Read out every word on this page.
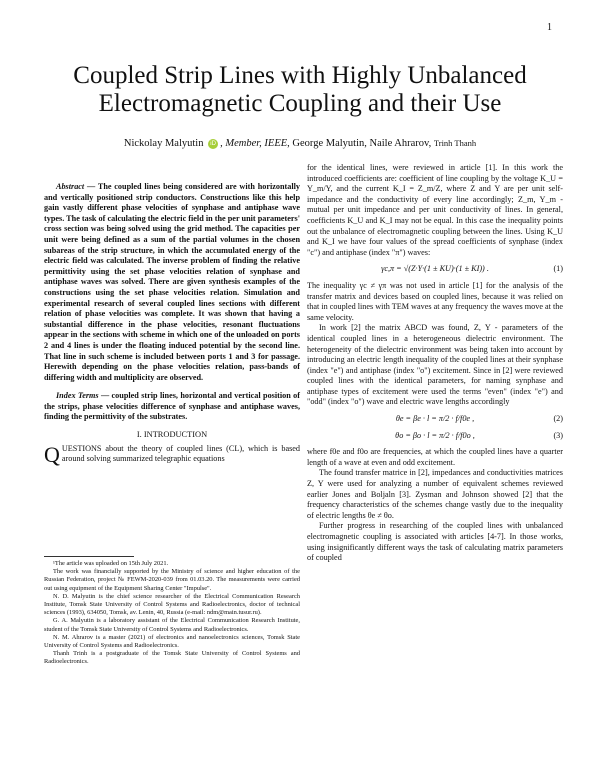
1
Coupled Strip Lines with Highly Unbalanced Electromagnetic Coupling and their Use
Nickolay Malyutin iD , Member, IEEE, George Malyutin, Naile Ahrarov, Trinh Thanh

Abstract — The coupled lines being considered are with horizontally and vertically positioned strip conductors. Constructions like this help gain vastly different phase velocities of synphase and antiphase wave types. The task of calculating the electric field in the per unit parameters' cross section was being solved using the grid method. The capacities per unit were being defined as a sum of the partial volumes in the chosen subareas of the strip structure, in which the accumulated energy of the electric field was calculated. The inverse problem of finding the relative permittivity using the set phase velocities relation of synphase and antiphase waves was solved. There are given synthesis examples of the constructions using the set phase velocities relation. Simulation and experimental research of several coupled lines sections with different relation of phase velocities was complete. It was shown that having a substantial difference in the phase velocities, resonant fluctuations appear in the sections with scheme in which one of the unloaded on ports 2 and 4 lines is under the floating induced potential by the second line. That line in such scheme is included between ports 1 and 3 for passage. Herewith depending on the phase velocities relation, pass-bands of differing width and multiplicity are observed.

Index Terms — coupled strip lines, horizontal and vertical position of the strips, phase velocities difference of synphase and antiphase waves, finding the permittivity of the substrates.

I. INTRODUCTION

QUESTIONS about the theory of coupled lines (CL), which is based around solving summarized telegraphic equations

¹The article was uploaded on 15th July 2021.

The work was financially supported by the Ministry of science and higher education of the Russian Federation, project № FEWM-2020-039 from 01.03.20. The measurements were carried out using equipment of the Equipment Sharing Center "Impulse".

N. D. Malyutin is the chief science researcher of the Electrical Communication Research Institute, Tomsk State University of Control Systems and Radioelectronics, doctor of technical sciences (1993), 634050, Tomsk, av. Lenin, 40, Russia (e-mail: ndm@main.tusur.ru).

G. A. Malyutin is a laboratory assistant of the Electrical Communication Research Institute, student of the Tomsk State University of Control Systems and Radioelectronics.

N. M. Ahrarov is a master (2021) of electronics and nanoelectronics sciences, Tomsk State University of Control Systems and Radioelectronics.

Thanh Trinh is a postgraduate of the Tomsk State University of Control Systems and Radioelectronics.

for the identical lines, were reviewed in article [1]. In this work the introduced coefficients are: coefficient of line coupling by the voltage K_U = Y_m/Y, and the current K_I = Z_m/Z, where Z and Y are per unit self-impedance and the conductivity of every line accordingly; Z_m, Y_m - mutual per unit impedance and per unit conductivity of lines. In general, coefficients K_U and K_I may not be equal. In this case the inequality points out the unbalance of electromagnetic coupling between the lines. Using K_U and K_I we have four values of the spread coefficients of synphase (index "c") and antiphase (index "π") waves:

γc,π = √(Z·Y·(1 ± KU)·(1 ± KI)) .	(1)

The inequality γc ≠ γπ was not used in article [1] for the analysis of the transfer matrix and devices based on coupled lines, because it was relied on that in coupled lines with TEM waves at any frequency the waves move at the same velocity.

In work [2] the matrix ABCD was found, Z, Y - parameters of the identical coupled lines in a heterogeneous dielectric environment. The heterogeneity of the dielectric environment was being taken into account by introducing an electric length inequality of the coupled lines at their synphase (index "e") and antiphase (index "o") excitement. Since in [2] were reviewed coupled lines with the identical parameters, for naming synphase and antiphase types of excitement were used the terms "even" (index "e") and "odd" (index "o") wave and electric wave lengths accordingly

θe = βe · l = π/2 · f/f0e ,	(2)
θo = βo · l = π/2 · f/f0o ,	(3)

where f0e and f0o are frequencies, at which the coupled lines have a quarter length of a wave at even and odd excitement.

The found transfer matrice in [2], impedances and conductivities matrices Z, Y were used for analyzing a number of equivalent schemes reviewed earlier Jones and Boljaln [3]. Zysman and Johnson showed [2] that the frequency characteristics of the schemes change vastly due to the inequality of electric lengths θe ≠ θo.

Further progress in researching of the coupled lines with unbalanced electromagnetic coupling is associated with articles [4-7]. In those works, using insignificantly different ways the task of calculating matrix parameters of coupled
